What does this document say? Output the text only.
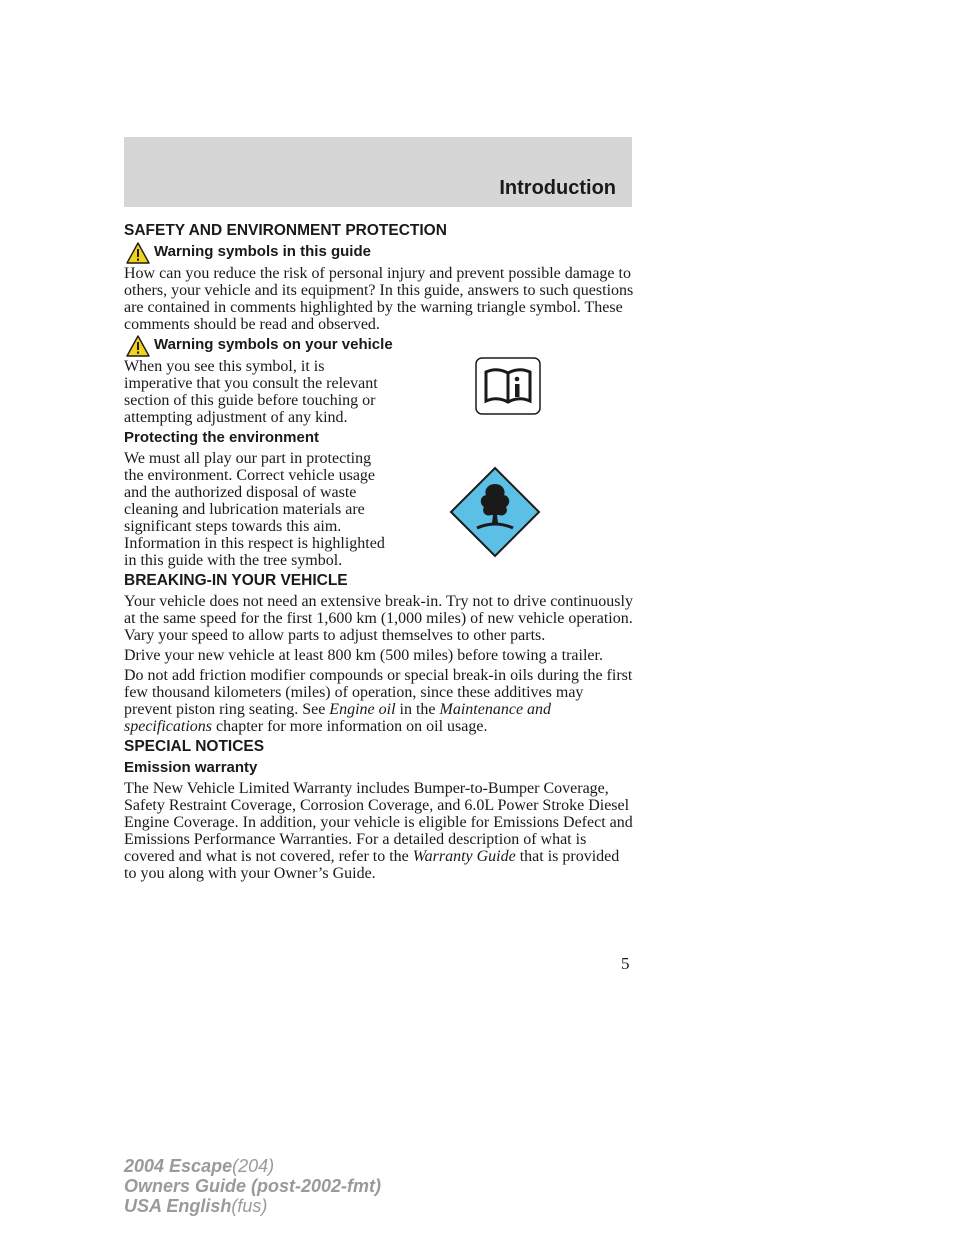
Introduction
SAFETY AND ENVIRONMENT PROTECTION
Warning symbols in this guide

How can you reduce the risk of personal injury and prevent possible damage to others, your vehicle and its equipment? In this guide, answers to such questions are contained in comments highlighted by the warning triangle symbol. These comments should be read and observed.

Warning symbols on your vehicle

When you see this symbol, it is imperative that you consult the relevant section of this guide before touching or attempting adjustment of any kind.

Protecting the environment

We must all play our part in protecting the environment. Correct vehicle usage and the authorized disposal of waste cleaning and lubrication materials are significant steps towards this aim. Information in this respect is highlighted in this guide with the tree symbol.

BREAKING-IN YOUR VEHICLE

Your vehicle does not need an extensive break-in. Try not to drive continuously at the same speed for the first 1,600 km (1,000 miles) of new vehicle operation. Vary your speed to allow parts to adjust themselves to other parts.

Drive your new vehicle at least 800 km (500 miles) before towing a trailer.

Do not add friction modifier compounds or special break-in oils during the first few thousand kilometers (miles) of operation, since these additives may prevent piston ring seating. See Engine oil in the Maintenance and specifications chapter for more information on oil usage.

SPECIAL NOTICES
Emission warranty

The New Vehicle Limited Warranty includes Bumper-to-Bumper Coverage, Safety Restraint Coverage, Corrosion Coverage, and 6.0L Power Stroke Diesel Engine Coverage. In addition, your vehicle is eligible for Emissions Defect and Emissions Performance Warranties. For a detailed description of what is covered and what is not covered, refer to the Warranty Guide that is provided to you along with your Owner’s Guide.

5
2004 Escape(204)
Owners Guide (post-2002-fmt)
USA English(fus)
